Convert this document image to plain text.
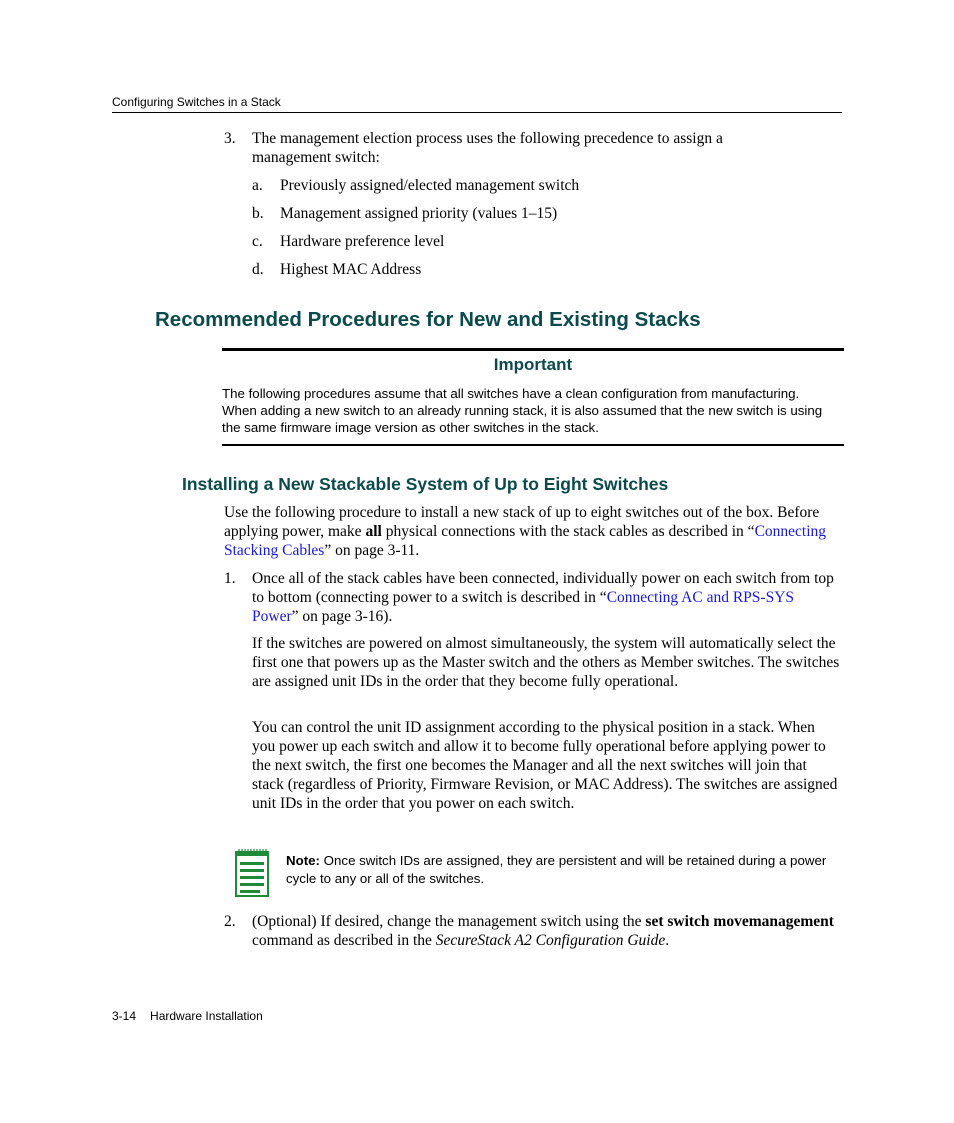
Configuring Switches in a Stack
3.	The management election process uses the following precedence to assign a management switch:
a. Previously assigned/elected management switch
b. Management assigned priority (values 1–15)
c. Hardware preference level
d. Highest MAC Address
Recommended Procedures for New and Existing Stacks
Important
The following procedures assume that all switches have a clean configuration from manufacturing. When adding a new switch to an already running stack, it is also assumed that the new switch is using the same firmware image version as other switches in the stack.
Installing a New Stackable System of Up to Eight Switches
Use the following procedure to install a new stack of up to eight switches out of the box. Before applying power, make all physical connections with the stack cables as described in “Connecting Stacking Cables” on page 3-11.
1.	Once all of the stack cables have been connected, individually power on each switch from top to bottom (connecting power to a switch is described in “Connecting AC and RPS-SYS Power” on page 3-16).
If the switches are powered on almost simultaneously, the system will automatically select the first one that powers up as the Master switch and the others as Member switches. The switches are assigned unit IDs in the order that they become fully operational.
You can control the unit ID assignment according to the physical position in a stack. When you power up each switch and allow it to become fully operational before applying power to the next switch, the first one becomes the Manager and all the next switches will join that stack (regardless of Priority, Firmware Revision, or MAC Address). The switches are assigned unit IDs in the order that you power on each switch.
Note: Once switch IDs are assigned, they are persistent and will be retained during a power cycle to any or all of the switches.
2.	(Optional) If desired, change the management switch using the set switch movemanagement command as described in the SecureStack A2 Configuration Guide.
3-14 Hardware Installation
